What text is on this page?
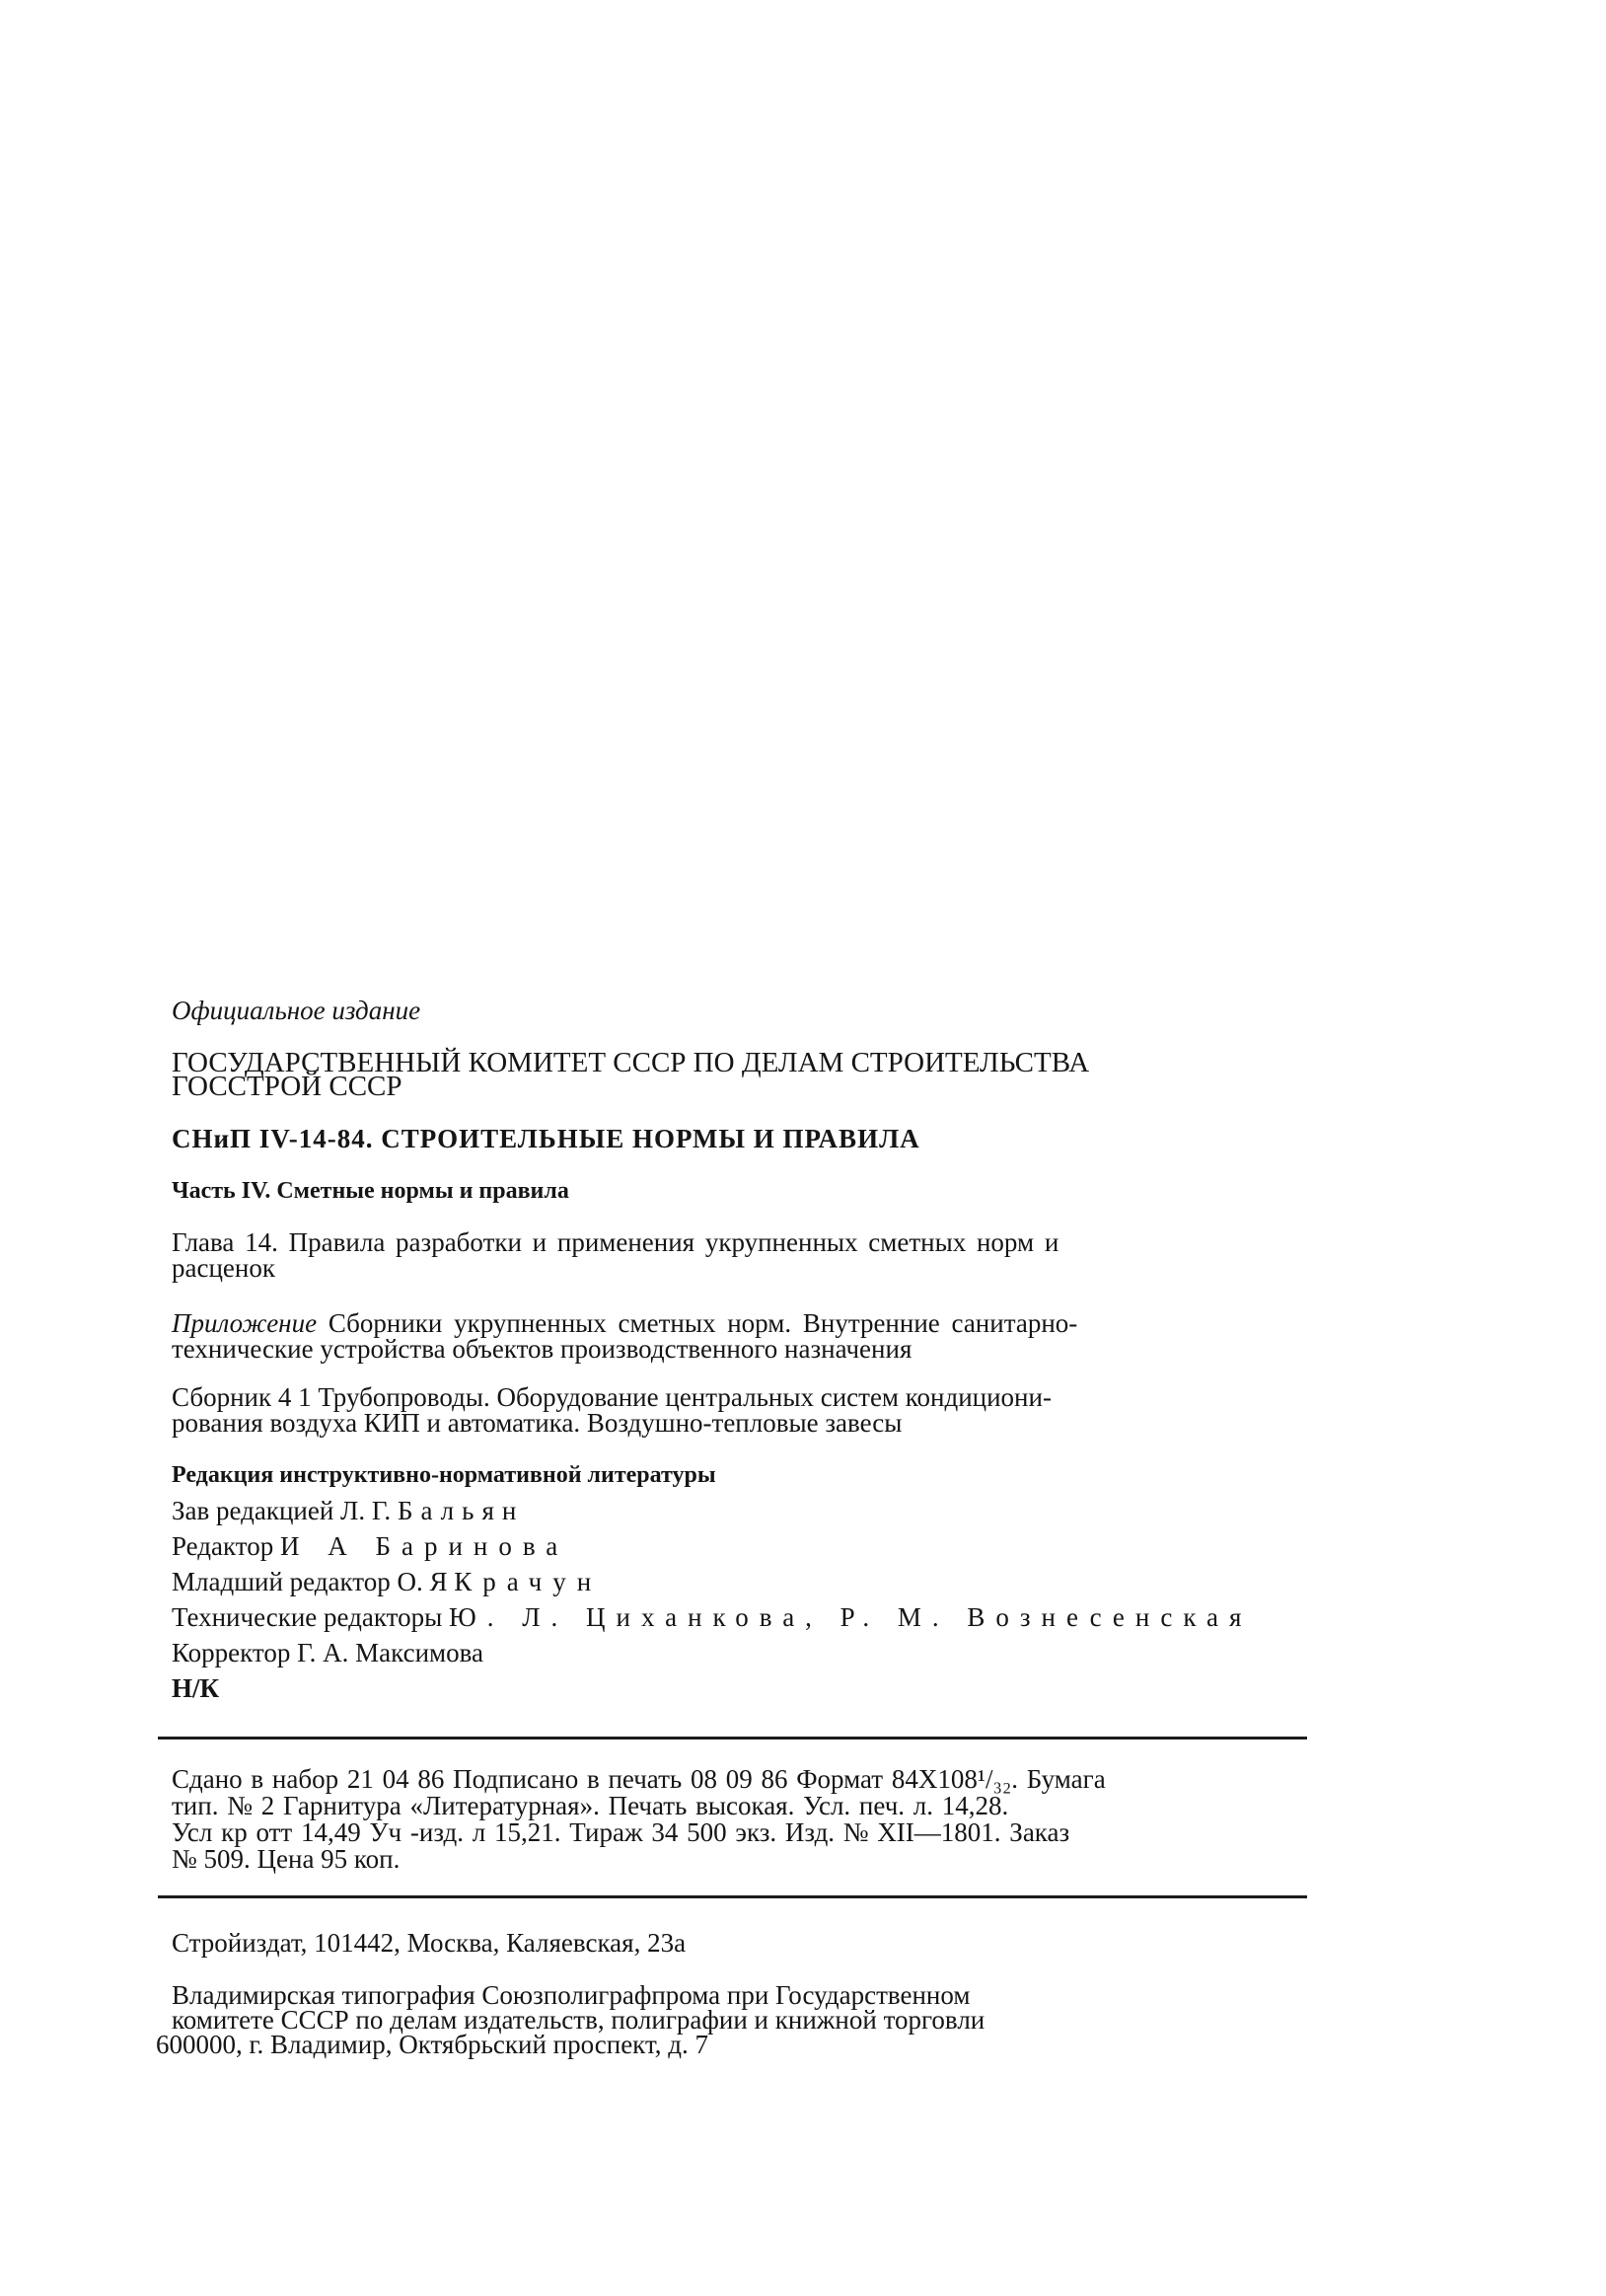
Официальное издание
ГОСУДАРСТВЕННЫЙ КОМИТЕТ СССР ПО ДЕЛАМ СТРОИТЕЛЬСТВА
ГОССТРОЙ СССР
СНиП IV-14-84. СТРОИТЕЛЬНЫЕ НОРМЫ И ПРАВИЛА
Часть IV. Сметные нормы и правила
Глава 14. Правила разработки и применения укрупненных сметных норм и
расценок
Приложение Сборники укрупненных сметных норм. Внутренние санитарно-
технические устройства объектов производственного назначения
Сборник 4 1 Трубопроводы. Оборудование центральных систем кондициони-
рования воздуха КИП и автоматика. Воздушно-тепловые завесы
Редакция инструктивно-нормативной литературы
Зав редакцией Л. Г. Бальян
Редактор И А Баринова
Младший редактор О. Я Крачун
Технические редакторы Ю. Л. Циханкова, Р. М. Вознесенская
Корректор Г. А. Максимова
Н/К
Сдано в набор 21 04 86 Подписано в печать 08 09 86 Формат 84X108¹/₃₂. Бумага
тип. № 2 Гарнитура «Литературная». Печать высокая. Усл. печ. л. 14,28.
Усл кр отт 14,49 Уч -изд. л 15,21. Тираж 34 500 экз. Изд. № XII—1801. Заказ
№ 509. Цена 95 коп.
Стройиздат, 101442, Москва, Каляевская, 23а
Владимирская типография Союзполиграфпрома при Государственном
комитете СССР по делам издательств, полиграфии и книжной торговли
600000, г. Владимир, Октябрьский проспект, д. 7
